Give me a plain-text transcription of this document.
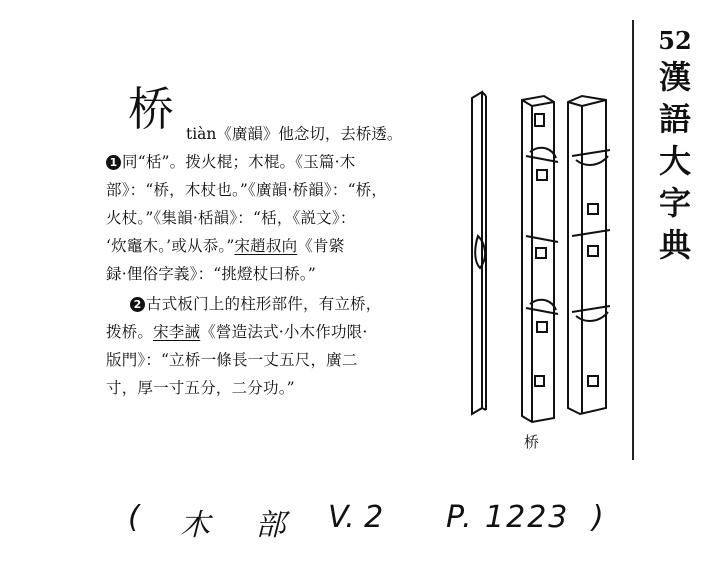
桥 tiàn《廣韻》他念切，去桥透。
1 同“栝”。拨火棍；木棍。《玉篇·木
部》：“桥，木杖也。”《廣韻·桥韻》：“桥，
火杖。”《集韻·栝韻》：“栝，《説文》：
‘炊竈木。’或从忝。”宋趙叔向《肯綮
録·俚俗字義》：“挑燈杖曰桥。”
2 古式板门上的柱形部件，有立桥，
拨桥。宋李誡《營造法式·小木作功限·
版門》：“立桥一條長一丈五尺，廣二
寸，厚一寸五分，二分功。”
桥
52
漢
語
大
字
典
( 木 部 V. 2 P. 1223 )
